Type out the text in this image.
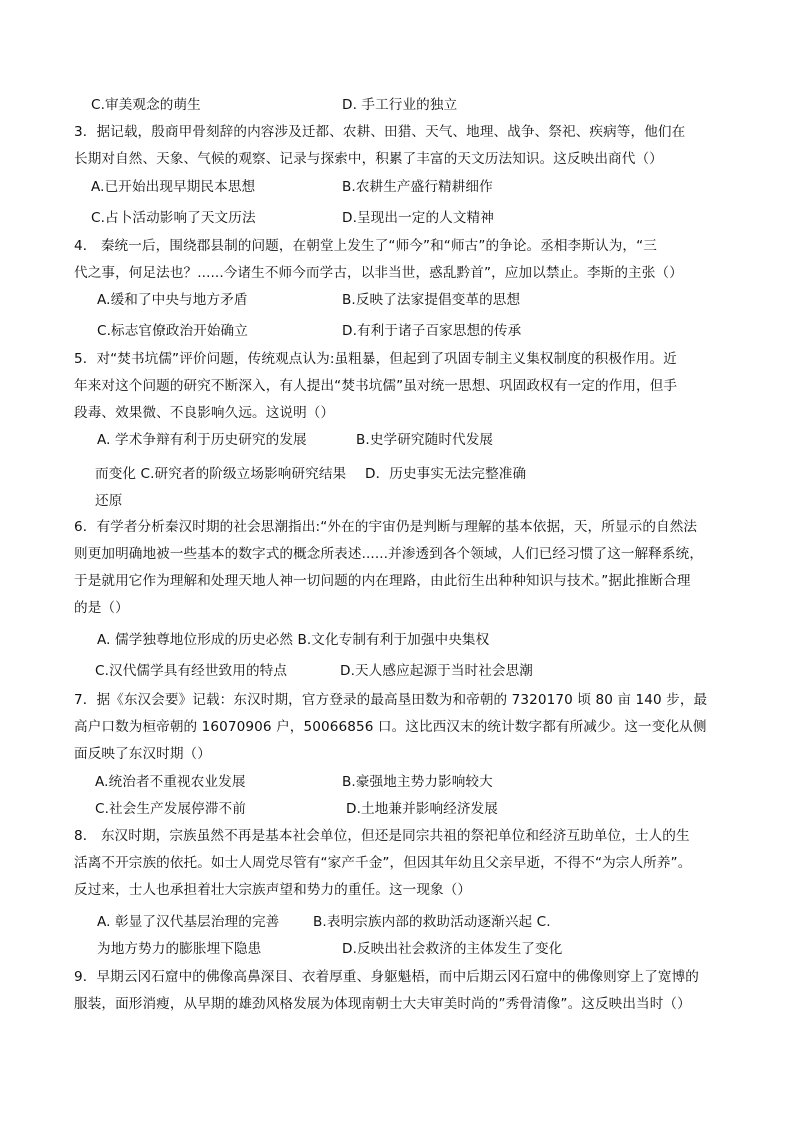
C.审美观念的萌生	D. 手工行业的独立
3．据记载，殷商甲骨刻辞的内容涉及迁都、农耕、田猎、天气、地理、战争、祭祀、疾病等，他们在
长期对自然、天象、气候的观察、记录与探索中，积累了丰富的天文历法知识。这反映出商代（）
A.已开始出现早期民本思想	B.农耕生产盛行精耕细作
C.占卜活动影响了天文历法	D.呈现出一定的人文精神
4． 秦统一后，围绕郡县制的问题，在朝堂上发生了“师今”和“师古”的争论。丞相李斯认为，“三
代之事，何足法也？......今诸生不师今而学古，以非当世，惑乱黔首”，应加以禁止。李斯的主张（）
A.缓和了中央与地方矛盾	B.反映了法家提倡变革的思想
C.标志官僚政治开始确立	D.有利于诸子百家思想的传承
5．对“焚书坑儒”评价问题，传统观点认为:虽粗暴，但起到了巩固专制主义集权制度的积极作用。近
年来对这个问题的研究不断深入，有人提出“焚书坑儒”虽对统一思想、巩固政权有一定的作用，但手
段毒、效果微、不良影响久远。这说明（）
A. 学术争辩有利于历史研究的发展	B.史学研究随时代发展
而变化 C.研究者的阶级立场影响研究结果 D．历史事实无法完整准确
还原
6．有学者分析秦汉时期的社会思潮指出:“外在的宇宙仍是判断与理解的基本依据，天，所显示的自然法
则更加明确地被一些基本的数字式的概念所表述......并渗透到各个领域，人们已经习惯了这一解释系统，
于是就用它作为理解和处理天地人神一切问题的内在理路，由此衍生出种种知识与技术。”据此推断合理
的是（）
A. 儒学独尊地位形成的历史必然 B.文化专制有利于加强中央集权
C.汉代儒学具有经世致用的特点	D.天人感应起源于当时社会思潮
7．据《东汉会要》记载：东汉时期，官方登录的最高垦田数为和帝朝的 7320170 顷 80 亩 140 步，最
高户口数为桓帝朝的 16070906 户，50066856 口。这比西汉末的统计数字都有所减少。这一变化从侧
面反映了东汉时期（）
A.统治者不重视农业发展	B.豪强地主势力影响较大
C.社会生产发展停滞不前	D.土地兼并影响经济发展
8． 东汉时期，宗族虽然不再是基本社会单位，但还是同宗共祖的祭祀单位和经济互助单位，士人的生
活离不开宗族的依托。如士人周党尽管有“家产千金”，但因其年幼且父亲早逝，不得不“为宗人所养”。
反过来，士人也承担着壮大宗族声望和势力的重任。这一现象（）
A. 彰显了汉代基层治理的完善 B.表明宗族内部的救助活动逐渐兴起 C.
为地方势力的膨胀埋下隐患	D.反映出社会救济的主体发生了变化
9．早期云冈石窟中的佛像高鼻深目、衣着厚重、身躯魁梧，而中后期云冈石窟中的佛像则穿上了宽博的
服装，面形消瘦，从早期的雄劲风格发展为体现南朝士大夫审美时尚的”秀骨清像”。这反映出当时（）
